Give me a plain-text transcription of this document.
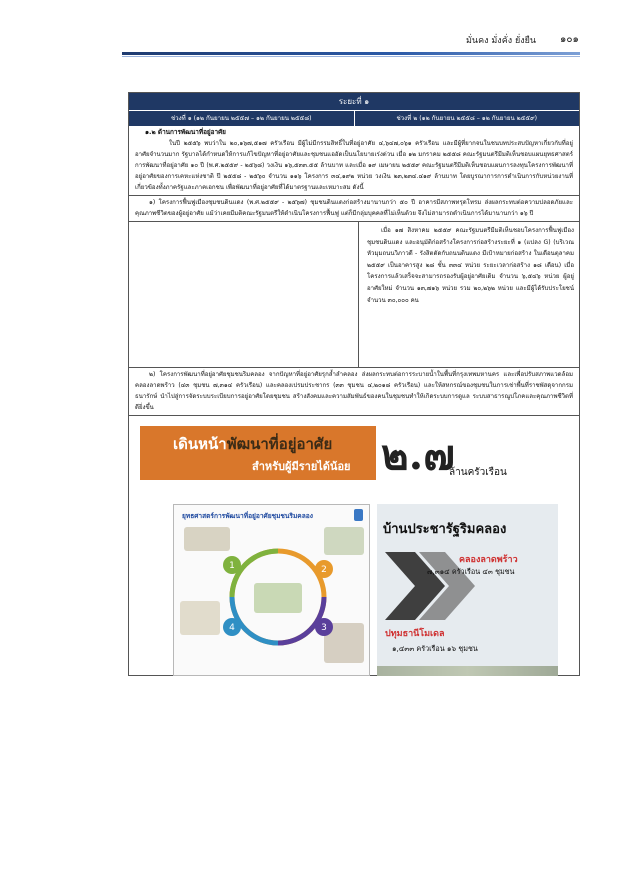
มั่นคง มั่งคั่ง ยั่งยืน ๑๐๑
ระยะที่ ๑
ช่วงที่ ๑ (๑๒ กันยายน ๒๕๕๗ – ๑๒ กันยายน ๒๕๕๘)	ช่วงที่ ๒ (๑๒ กันยายน ๒๕๕๘ – ๑๒ กันยายน ๒๕๕๙)
๑.๒ ด้านการพัฒนาที่อยู่อาศัย
ในปี ๒๕๕๖ พบว่าใน ๒๐,๑๖๗,๕๑๗ ครัวเรือน มีผู้ไม่มีกรรมสิทธิ์ในที่อยู่อาศัย ๔,๖๔๗,๐๖๑ ครัวเรือน และมีผู้ที่ยากจนในชนบทประสบปัญหาเกี่ยวกับที่อยู่อาศัยจำนวนมาก รัฐบาลได้กำหนดให้การแก้ไขปัญหาที่อยู่อาศัยและชุมชนแออัดเป็นนโยบายเร่งด่วน เมื่อ ๑๒ มกราคม ๒๕๕๘ คณะรัฐมนตรีมีมติเห็นชอบแผนยุทธศาสตร์การพัฒนาที่อยู่อาศัย ๑๐ ปี (พ.ศ.๒๕๕๙ - ๒๕๖๘) วงเงิน ๑๖,๕๓๓.๕๕ ล้านบาท และเมื่อ ๑๙ เมษายน ๒๕๕๙ คณะรัฐมนตรีมีมติเห็นชอบแผนการลงทุนโครงการพัฒนาที่อยู่อาศัยของการเคหะแห่งชาติ ปี ๒๕๕๘ - ๒๕๖๐ จำนวน ๑๑๖ โครงการ ๓๔,๑๙๒ หน่วย วงเงิน ๒๓,๒๓๔.๔๑๙ ล้านบาท โดยบูรณาการการดำเนินการกับหน่วยงานที่เกี่ยวข้องทั้งภาครัฐและภาคเอกชน เพื่อพัฒนาที่อยู่อาศัยที่ได้มาตรฐานและเหมาะสม ดังนี้
๑) โครงการฟื้นฟูเมืองชุมชนดินแดง (พ.ศ.๒๕๕๙ - ๒๕๖๗) ชุมชนดินแดงก่อสร้างมานานกว่า ๕๐ ปี อาคารมีสภาพทรุดโทรม ส่งผลกระทบต่อความปลอดภัยและคุณภาพชีวิตของผู้อยู่อาศัย แม้ว่าเคยมีมติคณะรัฐมนตรีให้ดำเนินโครงการฟื้นฟู แต่ก็มีกลุ่มบุคคลที่ไม่เห็นด้วย จึงไม่สามารถดำเนินการได้มานานกว่า ๑๖ ปี
เมื่อ ๑๗ สิงหาคม ๒๕๕๙ คณะรัฐมนตรีมีมติเห็นชอบโครงการฟื้นฟูเมืองชุมชนดินแดง และอนุมัติก่อสร้างโครงการก่อสร้างระยะที่ ๑ (แปลง G) (บริเวณหัวมุมถนนวิภาวดี - รังสิตตัดกับถนนดินแดง มีเป้าหมายก่อสร้าง ในเดือนตุลาคม ๒๕๕๙ เป็นอาคารสูง ๒๘ ชั้น ๓๓๔ หน่วย ระยะเวลาก่อสร้าง ๑๘ เดือน) เมื่อโครงการแล้วเสร็จจะสามารถรองรับผู้อยู่อาศัยเดิม จำนวน ๖,๕๔๖ หน่วย ผู้อยู่อาศัยใหม่ จำนวน ๑๓,๗๑๖ หน่วย รวม ๒๐,๒๖๒ หน่วย และมีผู้ได้รับประโยชน์ จำนวน ๓๐,๐๐๐ คน
๒) โครงการพัฒนาที่อยู่อาศัยชุมชนริมคลอง จากปัญหาที่อยู่อาศัยรุกล้ำลำคลอง ส่งผลกระทบต่อการระบายน้ำในพื้นที่กรุงเทพมหานคร และเพื่อปรับสภาพแวดล้อมคลองลาดพร้าว (๔๓ ชุมชน ๗,๓๑๔ ครัวเรือน) และคลองเปรมประชากร (๓๓ ชุมชน ๔,๒๐๑๘ ครัวเรือน) และให้สหกรณ์ของชุมชนในการเช่าพื้นที่ราชพัสดุจากกรมธนารักษ์ นำไปสู่การจัดระบบระเบียบการอยู่อาศัยโดยชุมชน สร้างสังคมและความสัมพันธ์ของคนในชุมชนทำให้เกิดระบบการดูแล ระบบสาธารณูปโภคและคุณภาพชีวิตที่ดียิ่งขึ้น
เดินหน้าพัฒนาที่อยู่อาศัย
สำหรับผู้มีรายได้น้อย ๒.๗
ล้านครัวเรือน
ยุทธศาสตร์การพัฒนาที่อยู่อาศัยชุมชนริมคลอง
1	2
3
4
บ้านประชารัฐริมคลอง
คลองลาดพร้าว
๗,๓๑๔ ครัวเรือน ๔๓ ชุมชน
ปทุมธานีโมเดล
๑,๔๓๓ ครัวเรือน ๑๖ ชุมชน
